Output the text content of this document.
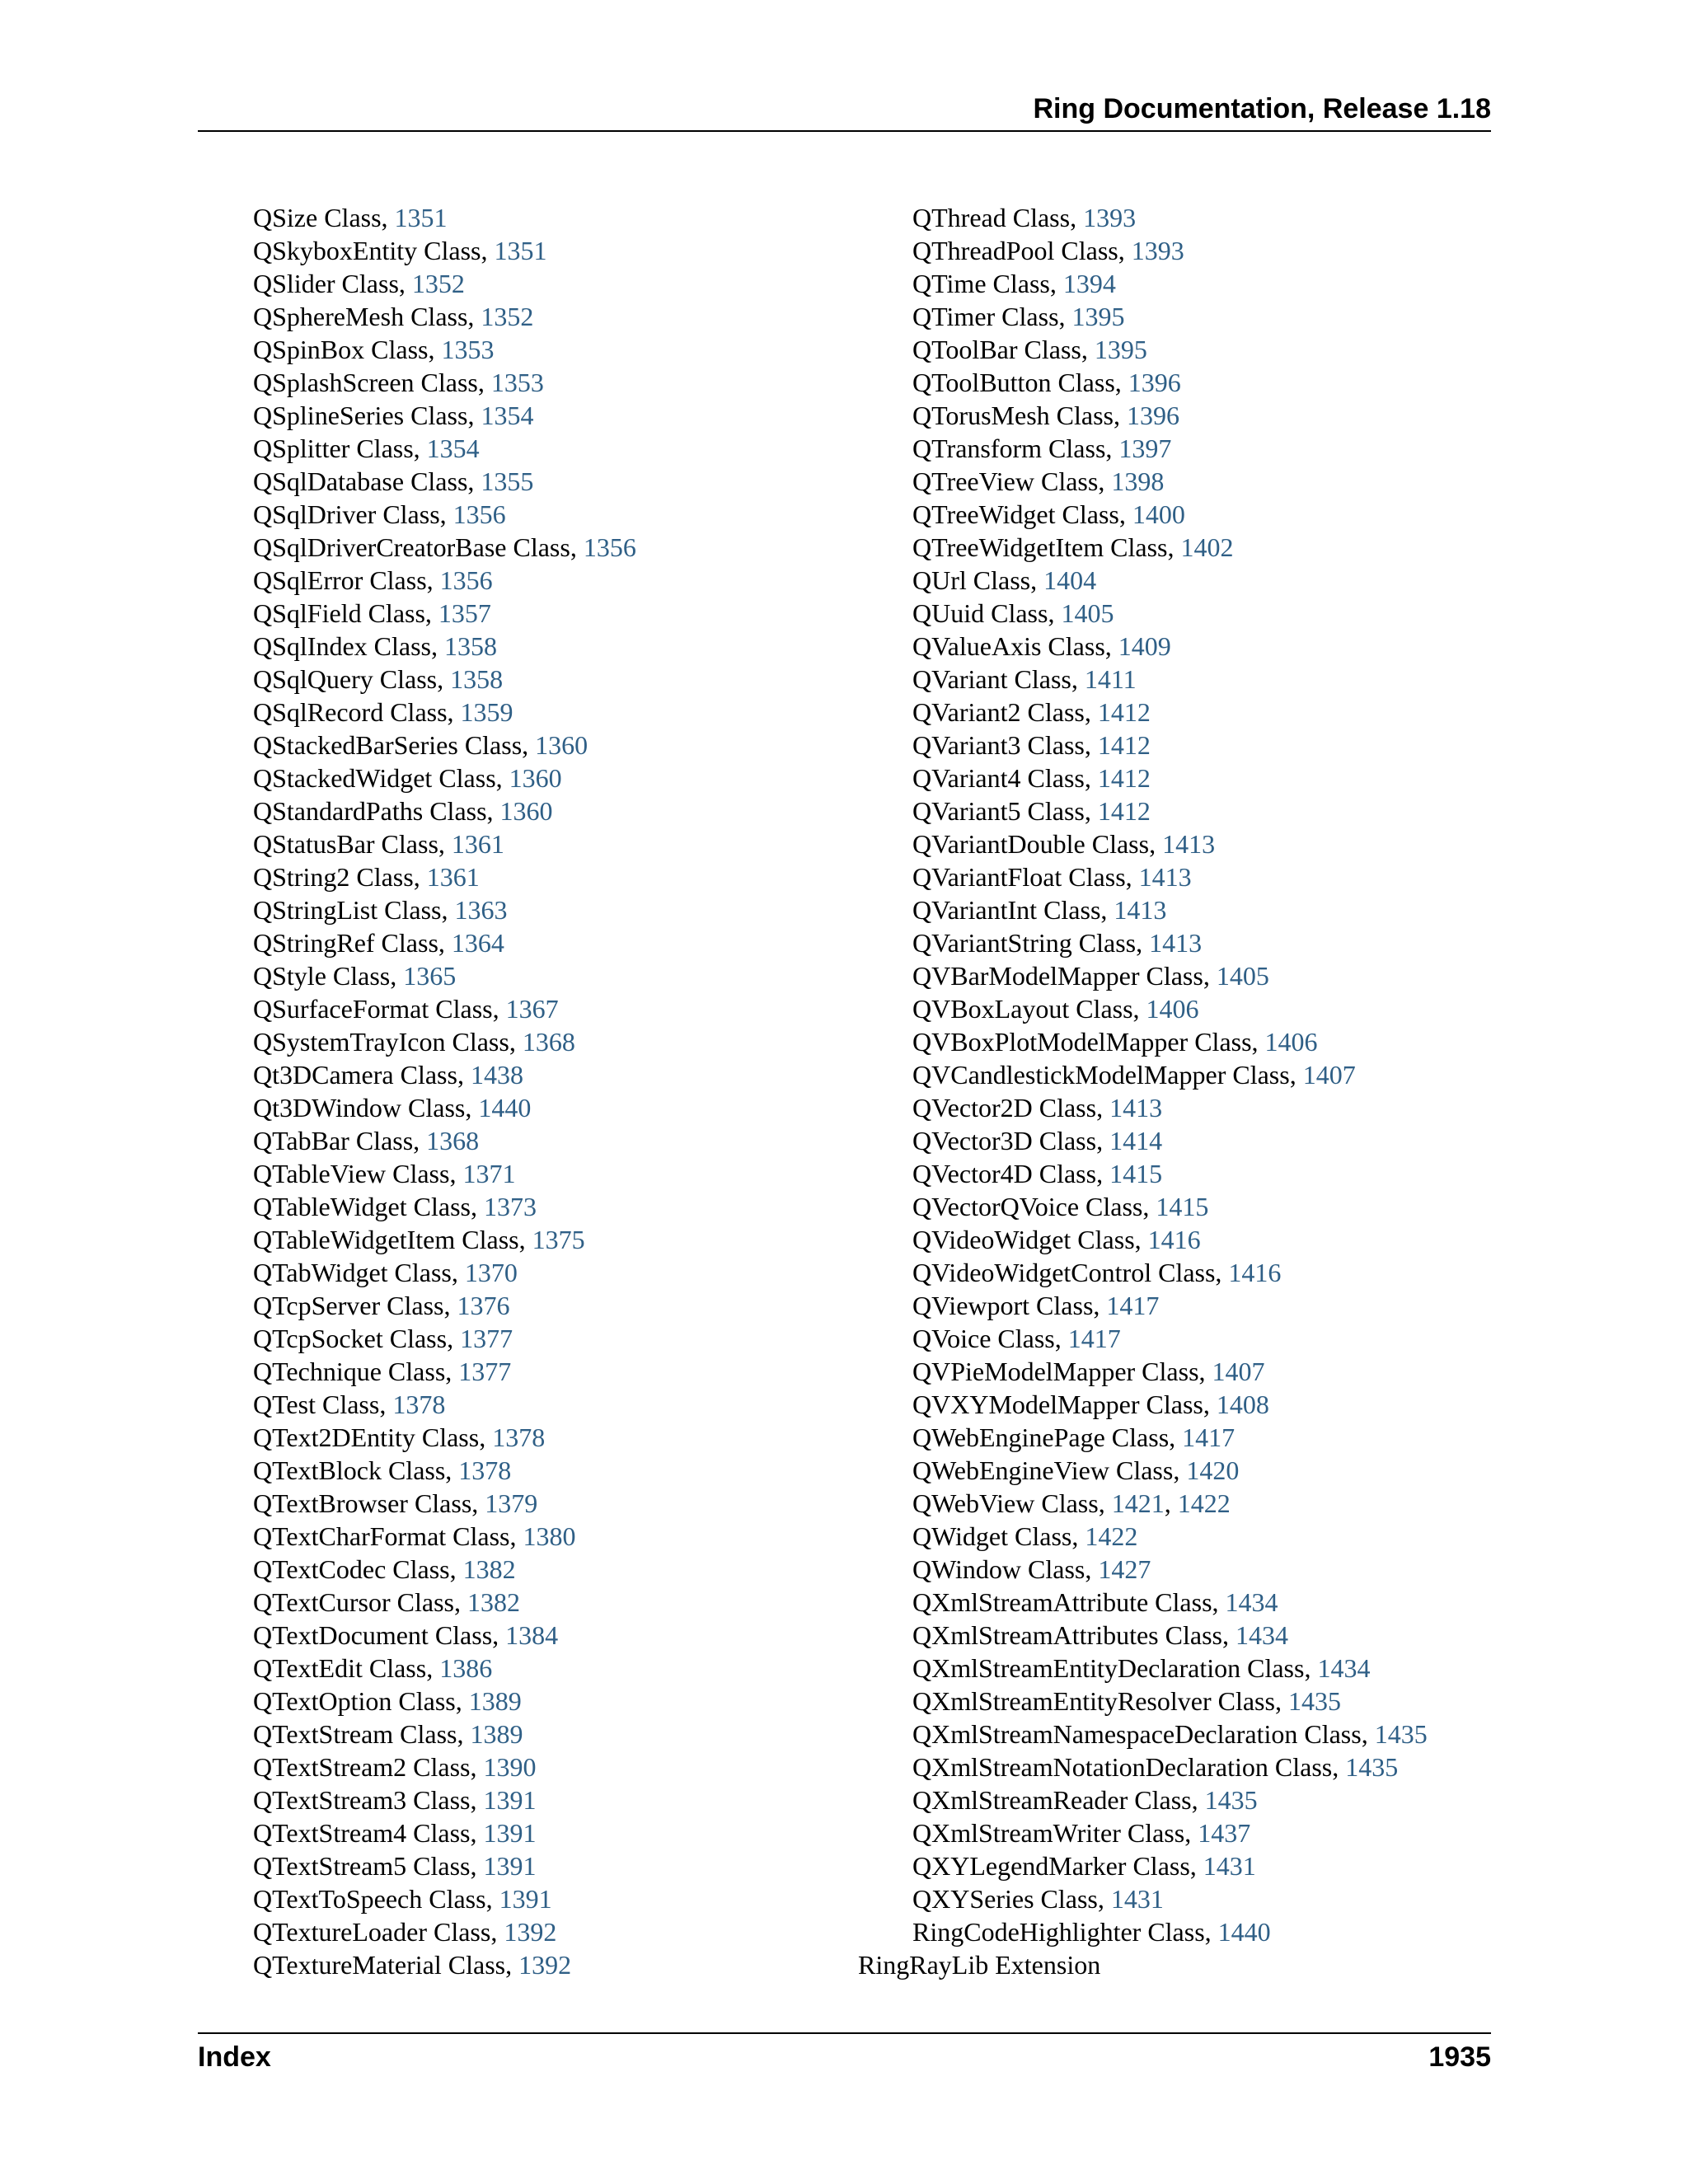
Ring Documentation, Release 1.18
QSize Class, 1351
QSkyboxEntity Class, 1351
QSlider Class, 1352
QSphereMesh Class, 1352
QSpinBox Class, 1353
QSplashScreen Class, 1353
QSplineSeries Class, 1354
QSplitter Class, 1354
QSqlDatabase Class, 1355
QSqlDriver Class, 1356
QSqlDriverCreatorBase Class, 1356
QSqlError Class, 1356
QSqlField Class, 1357
QSqlIndex Class, 1358
QSqlQuery Class, 1358
QSqlRecord Class, 1359
QStackedBarSeries Class, 1360
QStackedWidget Class, 1360
QStandardPaths Class, 1360
QStatusBar Class, 1361
QString2 Class, 1361
QStringList Class, 1363
QStringRef Class, 1364
QStyle Class, 1365
QSurfaceFormat Class, 1367
QSystemTrayIcon Class, 1368
Qt3DCamera Class, 1438
Qt3DWindow Class, 1440
QTabBar Class, 1368
QTableView Class, 1371
QTableWidget Class, 1373
QTableWidgetItem Class, 1375
QTabWidget Class, 1370
QTcpServer Class, 1376
QTcpSocket Class, 1377
QTechnique Class, 1377
QTest Class, 1378
QText2DEntity Class, 1378
QTextBlock Class, 1378
QTextBrowser Class, 1379
QTextCharFormat Class, 1380
QTextCodec Class, 1382
QTextCursor Class, 1382
QTextDocument Class, 1384
QTextEdit Class, 1386
QTextOption Class, 1389
QTextStream Class, 1389
QTextStream2 Class, 1390
QTextStream3 Class, 1391
QTextStream4 Class, 1391
QTextStream5 Class, 1391
QTextToSpeech Class, 1391
QTextureLoader Class, 1392
QTextureMaterial Class, 1392
QThread Class, 1393
QThreadPool Class, 1393
QTime Class, 1394
QTimer Class, 1395
QToolBar Class, 1395
QToolButton Class, 1396
QTorusMesh Class, 1396
QTransform Class, 1397
QTreeView Class, 1398
QTreeWidget Class, 1400
QTreeWidgetItem Class, 1402
QUrl Class, 1404
QUuid Class, 1405
QValueAxis Class, 1409
QVariant Class, 1411
QVariant2 Class, 1412
QVariant3 Class, 1412
QVariant4 Class, 1412
QVariant5 Class, 1412
QVariantDouble Class, 1413
QVariantFloat Class, 1413
QVariantInt Class, 1413
QVariantString Class, 1413
QVBarModelMapper Class, 1405
QVBoxLayout Class, 1406
QVBoxPlotModelMapper Class, 1406
QVCandlestickModelMapper Class, 1407
QVector2D Class, 1413
QVector3D Class, 1414
QVector4D Class, 1415
QVectorQVoice Class, 1415
QVideoWidget Class, 1416
QVideoWidgetControl Class, 1416
QViewport Class, 1417
QVoice Class, 1417
QVPieModelMapper Class, 1407
QVXYModelMapper Class, 1408
QWebEnginePage Class, 1417
QWebEngineView Class, 1420
QWebView Class, 1421, 1422
QWidget Class, 1422
QWindow Class, 1427
QXmlStreamAttribute Class, 1434
QXmlStreamAttributes Class, 1434
QXmlStreamEntityDeclaration Class, 1434
QXmlStreamEntityResolver Class, 1435
QXmlStreamNamespaceDeclaration Class, 1435
QXmlStreamNotationDeclaration Class, 1435
QXmlStreamReader Class, 1435
QXmlStreamWriter Class, 1437
QXYLegendMarker Class, 1431
QXYSeries Class, 1431
RingCodeHighlighter Class, 1440
RingRayLib Extension
Index	1935
